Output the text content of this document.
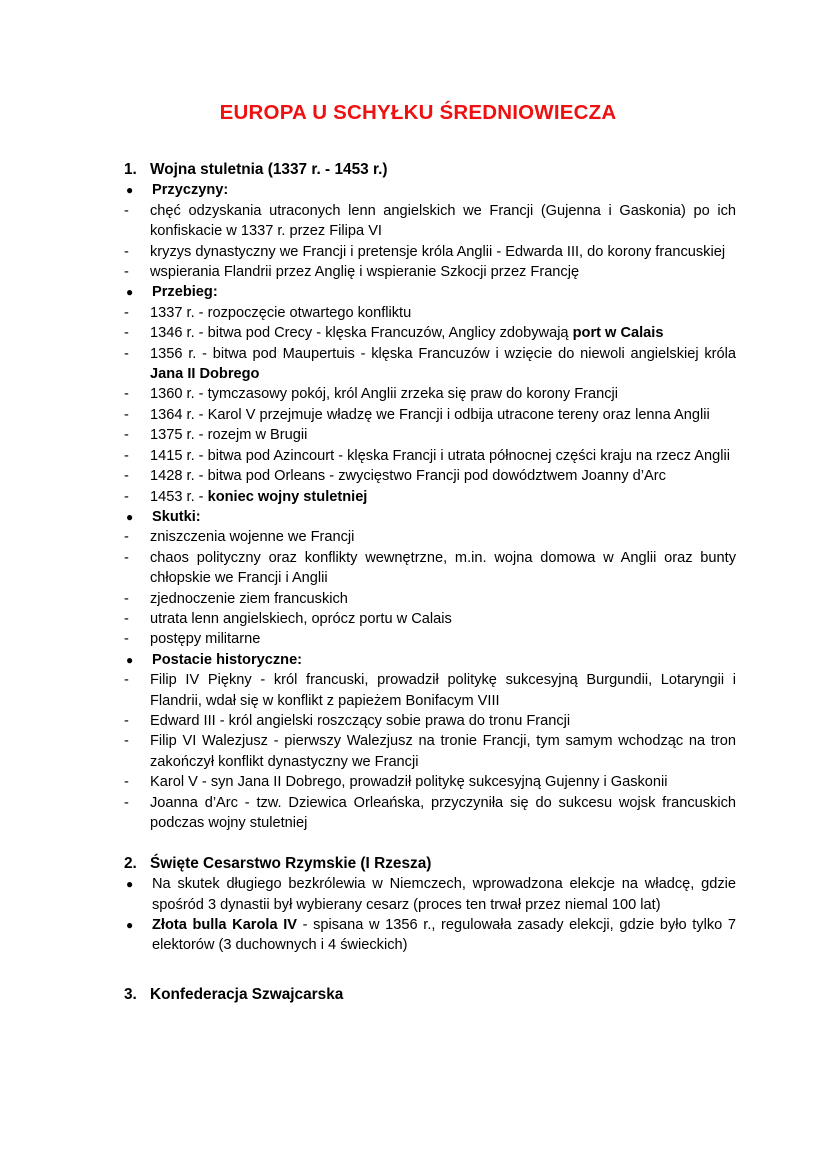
EUROPA U SCHYŁKU ŚREDNIOWIECZA
1. Wojna stuletnia (1337 r. - 1453 r.)
●	Przyczyny:
-	chęć odzyskania utraconych lenn angielskich we Francji (Gujenna i Gaskonia) po ich konfiskacie w 1337 r. przez Filipa VI
-	kryzys dynastyczny we Francji i pretensje króla Anglii - Edwarda III, do korony francuskiej
-	wspierania Flandrii przez Anglię i wspieranie Szkocji przez Francję
●	Przebieg:
-	1337 r. - rozpoczęcie otwartego konfliktu
-	1346 r. - bitwa pod Crecy - klęska Francuzów, Anglicy zdobywają port w Calais
-	1356 r. - bitwa pod Maupertuis - klęska Francuzów i wzięcie do niewoli angielskiej króla Jana II Dobrego
-	1360 r. - tymczasowy pokój, król Anglii zrzeka się praw do korony Francji
-	1364 r. - Karol V przejmuje władzę we Francji i odbija utracone tereny oraz lenna Anglii
-	1375 r. - rozejm w Brugii
-	1415 r. - bitwa pod Azincourt - klęska Francji i utrata północnej części kraju na rzecz Anglii
-	1428 r. - bitwa pod Orleans - zwycięstwo Francji pod dowództwem Joanny d’Arc
-	1453 r. - koniec wojny stuletniej
●	Skutki:
-	zniszczenia wojenne we Francji
-	chaos polityczny oraz konflikty wewnętrzne, m.in. wojna domowa w Anglii oraz bunty chłopskie we Francji i Anglii
-	zjednoczenie ziem francuskich
-	utrata lenn angielskiech, oprócz portu w Calais
-	postępy militarne
●	Postacie historyczne:
-	Filip IV Piękny - król francuski, prowadził politykę sukcesyjną Burgundii, Lotaryngii i Flandrii, wdał się w konflikt z papieżem Bonifacym VIII
-	Edward III - król angielski roszczący sobie prawa do tronu Francji
-	Filip VI Walezjusz - pierwszy Walezjusz na tronie Francji, tym samym wchodząc na tron zakończył konflikt dynastyczny we Francji
-	Karol V - syn Jana II Dobrego, prowadził politykę sukcesyjną Gujenny i Gaskonii
-	Joanna d’Arc - tzw. Dziewica Orleańska, przyczyniła się do sukcesu wojsk francuskich podczas wojny stuletniej
2. Święte Cesarstwo Rzymskie (I Rzesza)
●	Na skutek długiego bezkrólewia w Niemczech, wprowadzona elekcje na władcę, gdzie spośród 3 dynastii był wybierany cesarz (proces ten trwał przez niemal 100 lat)
●	Złota bulla Karola IV - spisana w 1356 r., regulowała zasady elekcji, gdzie było tylko 7 elektorów (3 duchownych i 4 świeckich)
3. Konfederacja Szwajcarska
